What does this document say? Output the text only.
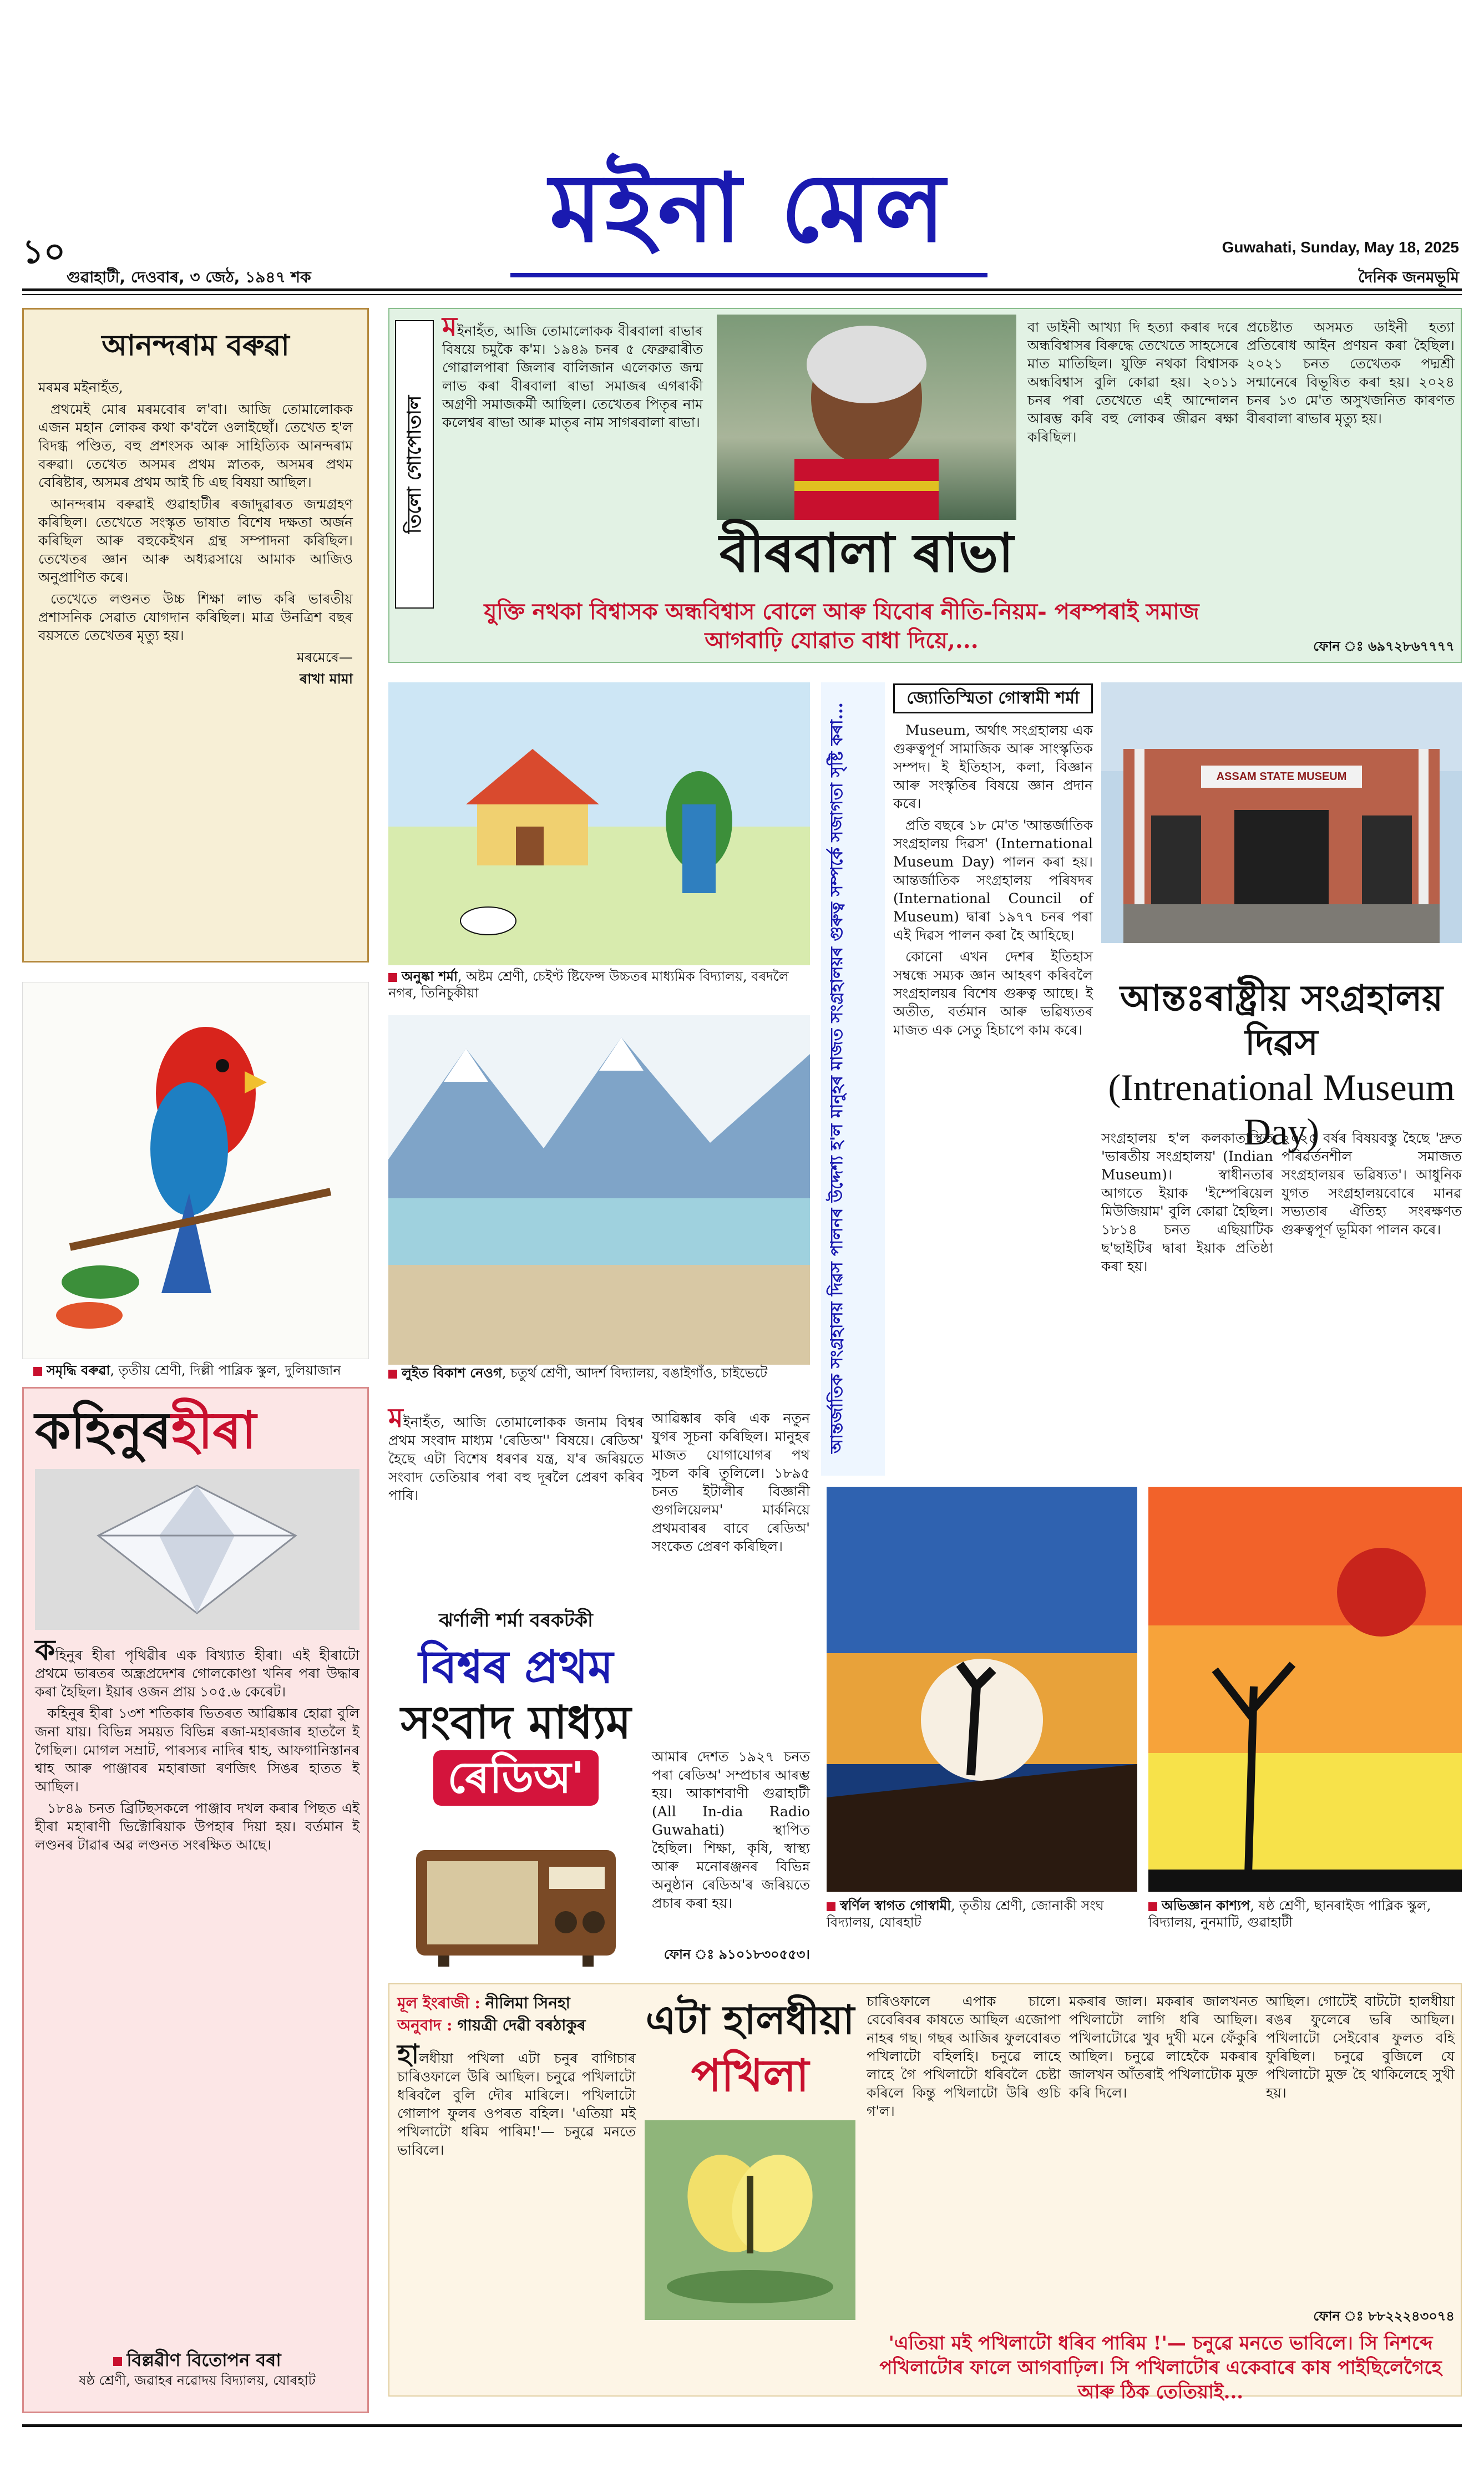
মইনা মেল
১০
গুৱাহাটী, দেওবাৰ, ৩ জেঠ, ১৯৪৭ শক
Guwahati, Sunday, May 18, 2025
দৈনিক জনমভূমি
আনন্দৰাম বৰুৱা

মৰমৰ মইনাহঁত,

প্ৰথমেই মোৰ মৰমবোৰ ল'বা। আজি তোমালোকক এজন মহান লোকৰ কথা ক'বলৈ ওলাইছোঁ। তেখেত হ'ল বিদগ্ধ পণ্ডিত, বহু প্ৰশংসক আৰু সাহিত্যিক আনন্দৰাম বৰুৱা। তেখেত অসমৰ প্ৰথম স্নাতক, অসমৰ প্ৰথম বেৰিষ্টাৰ, অসমৰ প্ৰথম আই চি এছ বিষয়া আছিল।

আনন্দৰাম বৰুৱাই গুৱাহাটীৰ ৰজাদুৱাৰত জন্মগ্ৰহণ কৰিছিল। তেখেতে সংস্কৃত ভাষাত বিশেষ দক্ষতা অৰ্জন কৰিছিল আৰু বহুকেইখন গ্ৰন্থ সম্পাদনা কৰিছিল। তেখেতৰ জ্ঞান আৰু অধ্যৱসায়ে আমাক আজিও অনুপ্ৰাণিত কৰে।

তেখেতে লণ্ডনত উচ্চ শিক্ষা লাভ কৰি ভাৰতীয় প্ৰশাসনিক সেৱাত যোগদান কৰিছিল। মাত্ৰ উনত্ৰিশ বছৰ বয়সতে তেখেতৰ মৃত্যু হয়।

মৰমেৰে—

ৰাখা মামা

তিলো গোপোতাল
মইনাহঁত, আজি তোমালোকক বীৰবালা ৰাভাৰ বিষয়ে চমুকৈ ক'ম। ১৯৪৯ চনৰ ৫ ফেব্ৰুৱাৰীত গোৱালপাৰা জিলাৰ বালিজান এলেকাত জন্ম লাভ কৰা বীৰবালা ৰাভা সমাজৰ এগৰাকী অগ্ৰণী সমাজকৰ্মী আছিল। তেখেতৰ পিতৃৰ নাম কলেশ্বৰ ৰাভা আৰু মাতৃৰ নাম সাগৰবালা ৰাভা।
বীৰবালা ৰাভা
বা ডাইনী আখ্যা দি হত্যা কৰাৰ দৰে অন্ধবিশ্বাসৰ বিৰুদ্ধে তেখেতে সাহসেৰে মাত মাতিছিল। যুক্তি নথকা বিশ্বাসক অন্ধবিশ্বাস বুলি কোৱা হয়। ২০১১ চনৰ পৰা তেখেতে এই আন্দোলন আৰম্ভ কৰি বহু লোকৰ জীৱন ৰক্ষা কৰিছিল।
প্ৰচেষ্টাত অসমত ডাইনী হত্যা প্ৰতিৰোধ আইন প্ৰণয়ন কৰা হৈছিল। ২০২১ চনত তেখেতক পদ্মশ্ৰী সন্মানেৰে বিভূষিত কৰা হয়। ২০২৪ চনৰ ১৩ মে'ত অসুখজনিত কাৰণত বীৰবালা ৰাভাৰ মৃত্যু হয়।
যুক্তি নথকা বিশ্বাসক অন্ধবিশ্বাস বোলে আৰু যিবোৰ নীতি-নিয়ম- পৰম্পৰাই সমাজ আগবাঢ়ি যোৱাত বাধা দিয়ে,...	ফোন ঃ ৬৯৭২৮৬৭৭৭৭
অনুষ্কা শৰ্মা, অষ্টম শ্ৰেণী, চেইণ্ট ষ্টিফেন্স উচ্চতৰ মাধ্যমিক বিদ্যালয়, বৰদলৈ নগৰ, তিনিচুকীয়া
সমৃদ্ধি বৰুৱা, তৃতীয় শ্ৰেণী, দিল্লী পাব্লিক স্কুল, দুলিয়াজান	লুইত বিকাশ নেওগ, চতুৰ্থ শ্ৰেণী, আদৰ্শ বিদ্যালয়, বঙাইগাঁও, চাইভেটে	আন্তৰ্জাতিক সংগ্ৰহালয় দিৱস পালনৰ উদ্দেশ্য হ'ল মানুহৰ মাজত সংগ্ৰহালয়ৰ গুৰুত্ব সম্পৰ্কে সজাগতা সৃষ্টি কৰা...
জ্যোতিস্মিতা গোস্বামী শৰ্মা

Museum, অৰ্থাৎ সংগ্ৰহালয় এক গুৰুত্বপূৰ্ণ সামাজিক আৰু সাংস্কৃতিক সম্পদ। ই ইতিহাস, কলা, বিজ্ঞান আৰু সংস্কৃতিৰ বিষয়ে জ্ঞান প্ৰদান কৰে।

প্ৰতি বছৰে ১৮ মে'ত 'আন্তৰ্জাতিক সংগ্ৰহালয় দিৱস' (International Museum Day) পালন কৰা হয়। আন্তৰ্জাতিক সংগ্ৰহালয় পৰিষদৰ (International Council of Museum) দ্বাৰা ১৯৭৭ চনৰ পৰা এই দিৱস পালন কৰা হৈ আহিছে।

কোনো এখন দেশৰ ইতিহাস সম্বন্ধে সম্যক জ্ঞান আহৰণ কৰিবলৈ সংগ্ৰহালয়ৰ বিশেষ গুৰুত্ব আছে। ই অতীত, বৰ্তমান আৰু ভৱিষ্যতৰ মাজত এক সেতু হিচাপে কাম কৰে।

ASSAM STATE MUSEUM
আন্তঃৰাষ্ট্ৰীয় সংগ্ৰহালয় দিৱস
(Intrenational Museum Day)
সংগ্ৰহালয় হ'ল কলকাতাস্থিত 'ভাৰতীয় সংগ্ৰহালয়' (Indian Museum)। স্বাধীনতাৰ আগতে ইয়াক 'ইম্পেৰিয়েল মিউজিয়াম' বুলি কোৱা হৈছিল। ১৮১৪ চনত এছিয়াটিক ছ'ছাইটিৰ দ্বাৰা ইয়াক প্ৰতিষ্ঠা কৰা হয়।
২০২৫ বৰ্ষৰ বিষয়বস্তু হৈছে 'দ্ৰুত পৰিৱৰ্তনশীল সমাজত সংগ্ৰহালয়ৰ ভৱিষ্যত'। আধুনিক যুগত সংগ্ৰহালয়বোৰে মানৱ সভ্যতাৰ ঐতিহ্য সংৰক্ষণত গুৰুত্বপূৰ্ণ ভূমিকা পালন কৰে।
কহিনুৰহীৰা

কহিনুৰ হীৰা পৃথিৱীৰ এক বিখ্যাত হীৰা। এই হীৰাটো প্ৰথমে ভাৰতৰ অন্ধ্ৰপ্ৰদেশৰ গোলকোণ্ডা খনিৰ পৰা উদ্ধাৰ কৰা হৈছিল। ইয়াৰ ওজন প্ৰায় ১০৫.৬ কেৰেট।

কহিনুৰ হীৰা ১৩শ শতিকাৰ ভিতৰত আৱিষ্কাৰ হোৱা বুলি জনা যায়। বিভিন্ন সময়ত বিভিন্ন ৰজা-মহাৰজাৰ হাতলৈ ই গৈছিল। মোগল সম্ৰাট, পাৰস্যৰ নাদিৰ শ্বাহ, আফগানিস্তানৰ শ্বাহ আৰু পাঞ্জাবৰ মহাৰাজা ৰণজিৎ সিঙৰ হাতত ই আছিল।

১৮৪৯ চনত ব্ৰিটিছসকলে পাঞ্জাব দখল কৰাৰ পিছত এই হীৰা মহাৰাণী ভিক্টোৰিয়াক উপহাৰ দিয়া হয়। বৰ্তমান ই লণ্ডনৰ টাৱাৰ অৱ লণ্ডনত সংৰক্ষিত আছে।

বিল্লৱীণ বিতোপন বৰা
ষষ্ঠ শ্ৰেণী, জৱাহৰ নৱোদয় বিদ্যালয়, যোৰহাট
মইনাহঁত, আজি তোমালোকক জনাম বিশ্বৰ প্ৰথম সংবাদ মাধ্যম 'ৰেডিঅ'' বিষয়ে। ৰেডিঅ' হৈছে এটা বিশেষ ধৰণৰ যন্ত্ৰ, য'ৰ জৰিয়তে সংবাদ তেতিয়াৰ পৰা বহু দূৰলৈ প্ৰেৰণ কৰিব পাৰি।
আৱিষ্কাৰ কৰি এক নতুন যুগৰ সূচনা কৰিছিল। মানুহৰ মাজত যোগাযোগৰ পথ সুচল কৰি তুলিলে। ১৮৯৫ চনত ইটালীৰ বিজ্ঞানী গুগলিয়েলম' মাৰ্কনিয়ে প্ৰথমবাৰৰ বাবে ৰেডিঅ' সংকেত প্ৰেৰণ কৰিছিল।
ঝৰ্ণালী শৰ্মা বৰকটকী
বিশ্বৰ প্ৰথম
সংবাদ মাধ্যম
ৰেডিঅ'	আমাৰ দেশত ১৯২৭ চনত পৰা ৰেডিঅ' সম্প্ৰচাৰ আৰম্ভ হয়। আকাশবাণী গুৱাহাটী (All In-dia Radio Guwahati) স্থাপিত হৈছিল। শিক্ষা, কৃষি, স্বাস্থ্য আৰু মনোৰঞ্জনৰ বিভিন্ন অনুষ্ঠান ৰেডিঅ'ৰ জৰিয়তে প্ৰচাৰ কৰা হয়।
ফোন ঃ ৯১০১৮৩০৫৫৩।
স্বৰ্ণিল স্বাগত গোস্বামী, তৃতীয় শ্ৰেণী, জোনাকী সংঘ বিদ্যালয়, যোৰহাট
অভিজ্ঞান কাশ্যপ, ষষ্ঠ শ্ৰেণী, ছানৰাইজ পাব্লিক স্কুল, বিদ্যালয়, নুনমাটি, গুৱাহাটী
মূল ইংৰাজী : নীলিমা সিনহা
অনুবাদ : গায়ত্ৰী দেৱী বৰঠাকুৰ
হালধীয়া পখিলা এটা চনুৰ বাগিচাৰ চাৰিওফালে উৰি আছিল। চনুৱে পখিলাটো ধৰিবলৈ বুলি দৌৰ মাৰিলে। পখিলাটো গোলাপ ফুলৰ ওপৰত বহিল। 'এতিয়া মই পখিলাটো ধৰিম পাৰিম!'— চনুৱে মনতে ভাবিলে।
এটা হালধীয়া
পখিলা
চাৰিওফালে এপাক চালে। বেবেৰিবৰ কাষতে আছিল এজোপা নাহৰ গছ। গছৰ আজিৰ ফুলবোৰত পখিলাটো বহিলহি। চনুৱে লাহে লাহে গৈ পখিলাটো ধৰিবলৈ চেষ্টা কৰিলে কিন্তু পখিলাটো উৰি গুচি গ'ল।
মকৰাৰ জাল। মকৰাৰ জালখনত পখিলাটো লাগি ধৰি আছিল। পখিলাটোৱে খুব দুখী মনে ফেঁকুৰি আছিল। চনুৱে লাহেকৈ মকৰাৰ জালখন আঁতৰাই পখিলাটোক মুক্ত কৰি দিলে।
আছিল। গোটেই বাটটো হালধীয়া ৰঙৰ ফুলেৰে ভৰি আছিল। পখিলাটো সেইবোৰ ফুলত বহি ফুৰিছিল। চনুৱে বুজিলে যে পখিলাটো মুক্ত হৈ থাকিলেহে সুখী হয়।
ফোন ঃ ৮৮২২২৪৩০৭৪
'এতিয়া মই পখিলাটো ধৰিব পাৰিম !'— চনুৱে মনতে ভাবিলে। সি নিশব্দে পখিলাটোৰ ফালে আগবাঢ়িল। সি পখিলাটোৰ একেবাৰে কাষ পাইছিলেগৈহে আৰু ঠিক তেতিয়াই...
